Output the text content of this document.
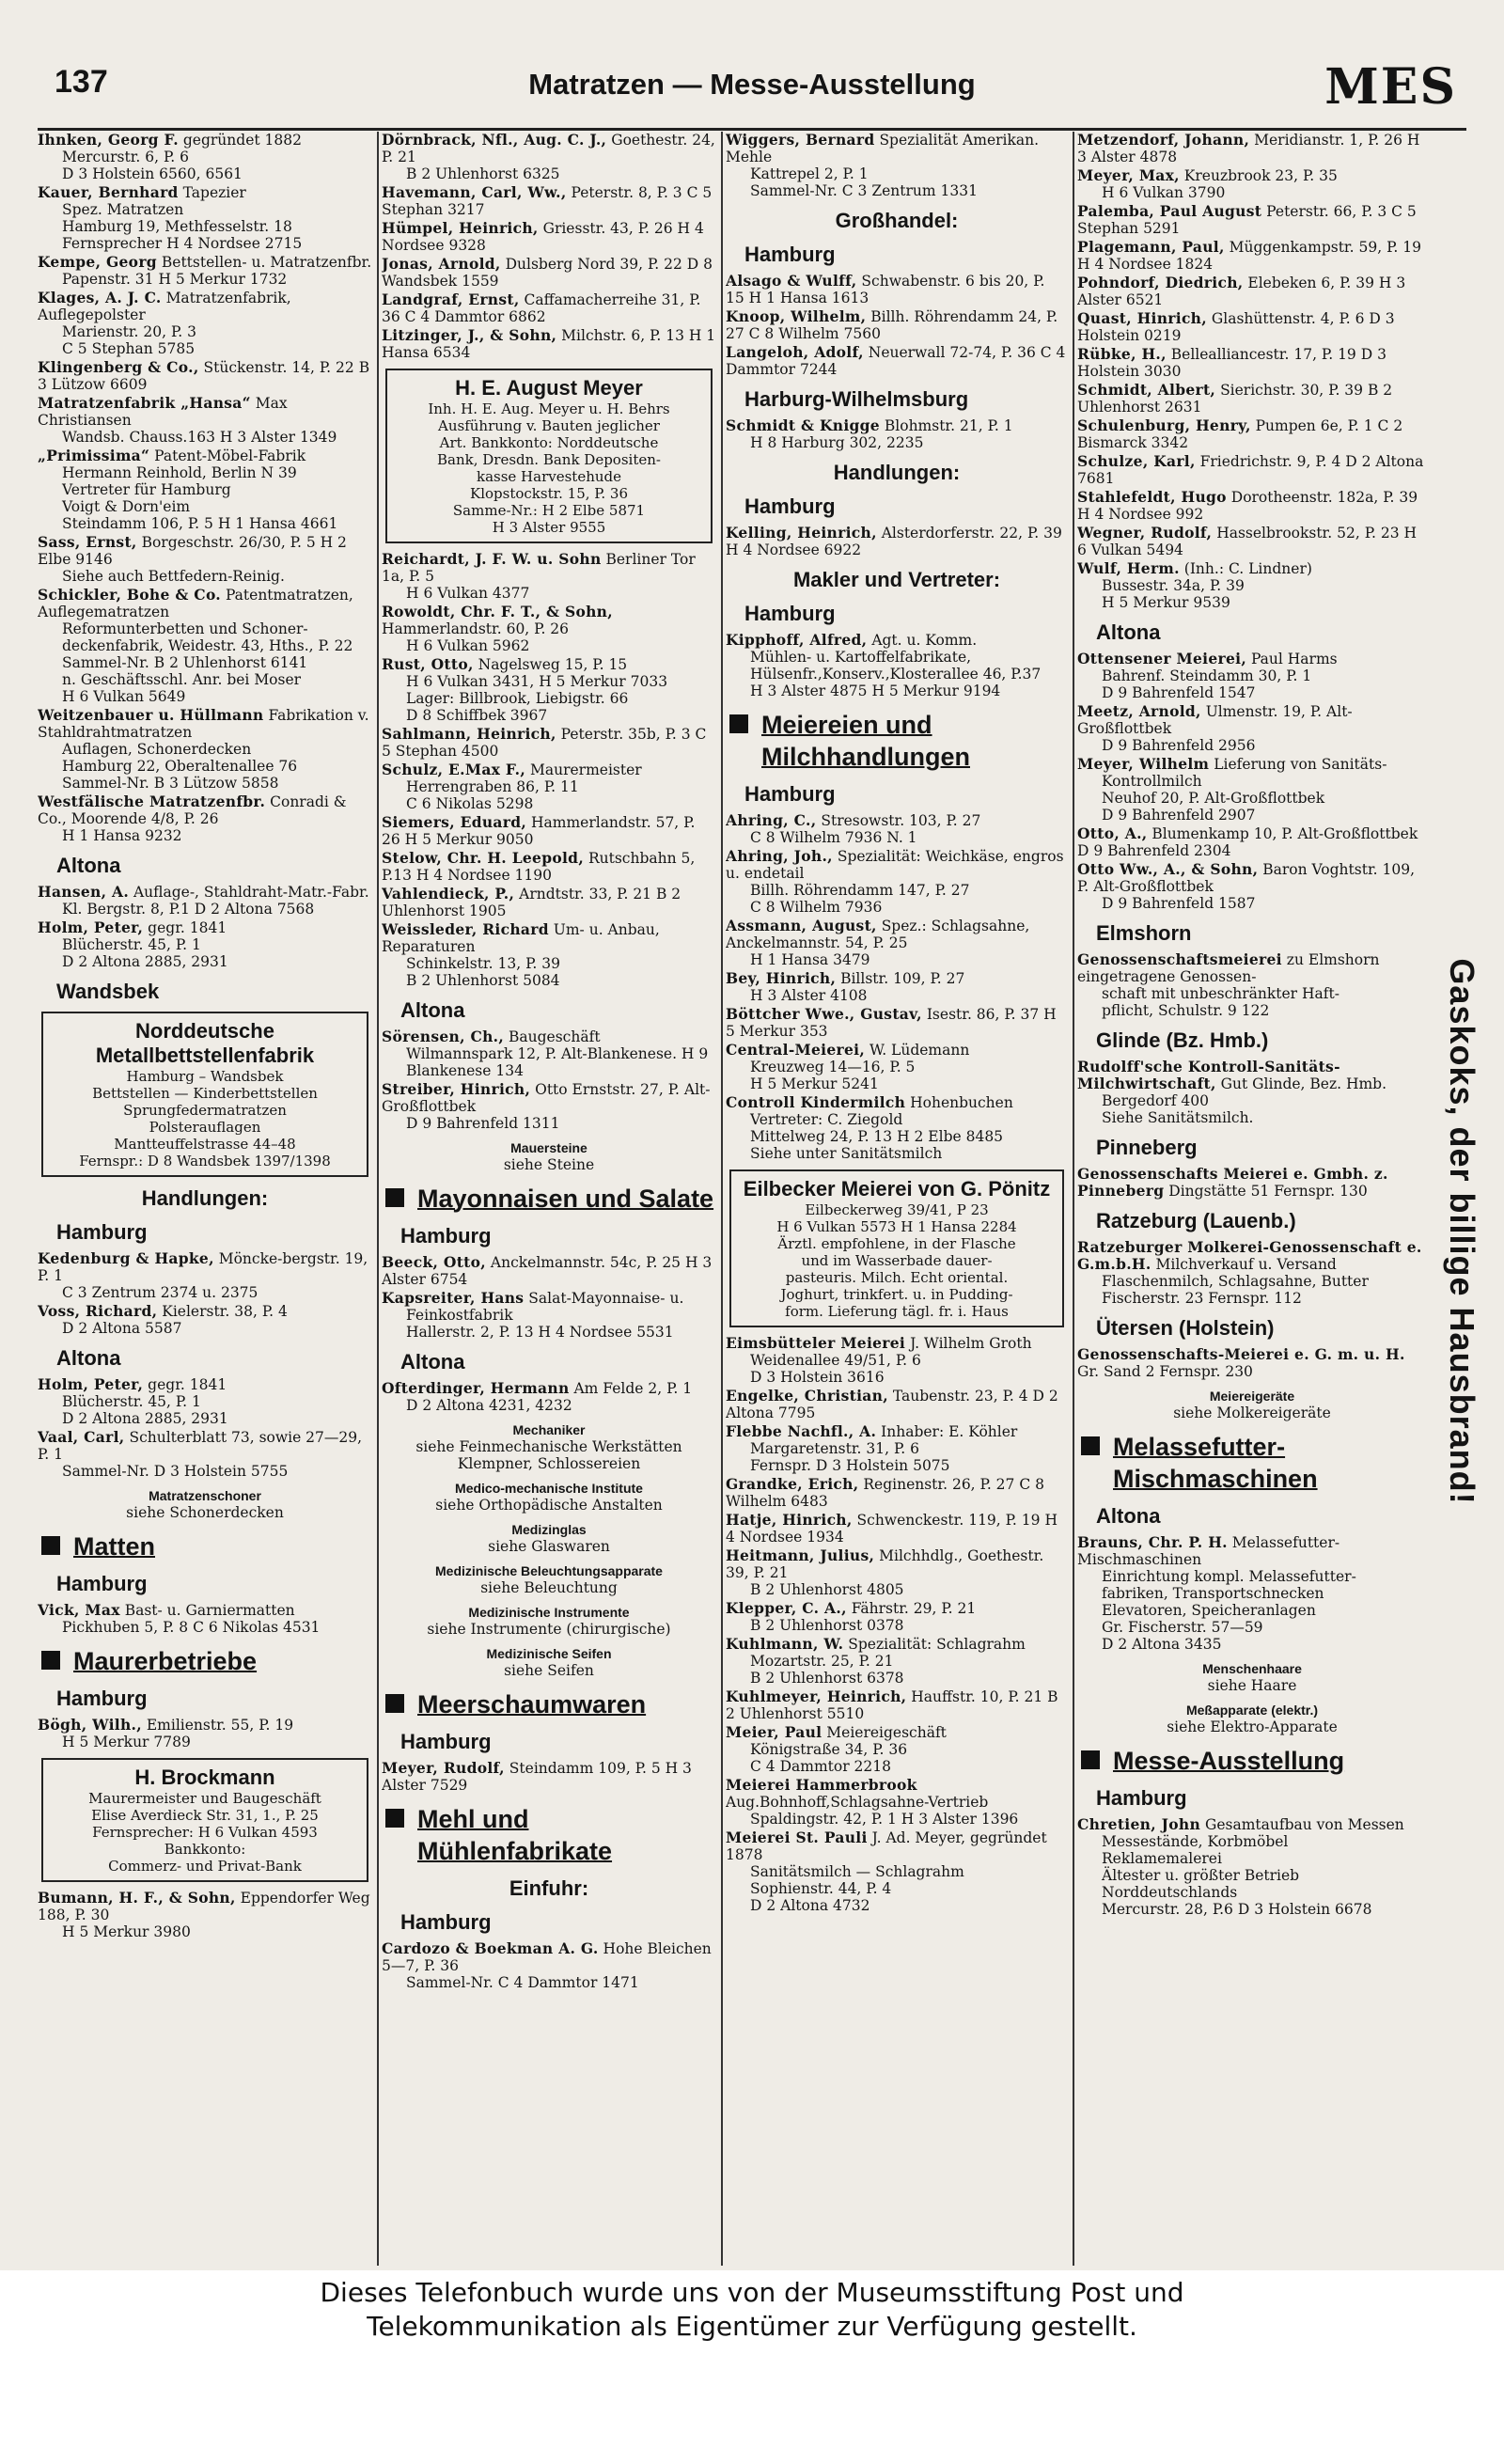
137	Matratzen — Messe-Ausstellung	MES
Ihnken, Georg F. gegründet 1882
Mercurstr. 6, P. 6
D 3 Holstein 6560, 6561
Kauer, Bernhard Tapezier
Spez. Matratzen
Hamburg 19, Methfesselstr. 18
Fernsprecher H 4 Nordsee 2715
Kempe, Georg Bettstellen- u. Matratzenfbr.
Papenstr. 31 H 5 Merkur 1732
Klages, A. J. C. Matratzenfabrik, Auflegepolster
Marienstr. 20, P. 3
C 5 Stephan 5785
Klingenberg & Co., Stückenstr. 14, P. 22 B 3 Lützow 6609
Matratzenfabrik „Hansa“ Max Christiansen
Wandsb. Chauss.163 H 3 Alster 1349
„Primissima“ Patent-Möbel-Fabrik
Hermann Reinhold, Berlin N 39
Vertreter für Hamburg
Voigt & Dorn'eim
Steindamm 106, P. 5 H 1 Hansa 4661
Sass, Ernst, Borgeschstr. 26/30, P. 5 H 2 Elbe 9146
Siehe auch Bettfedern-Reinig.
Schickler, Bohe & Co. Patentmatratzen, Auflegematratzen
Reformunterbetten und Schoner-
deckenfabrik, Weidestr. 43, Hths., P. 22
Sammel-Nr. B 2 Uhlenhorst 6141
n. Geschäftsschl. Anr. bei Moser
H 6 Vulkan 5649
Weitzenbauer u. Hüllmann Fabrikation v. Stahldrahtmatratzen
Auflagen, Schonerdecken
Hamburg 22, Oberaltenallee 76
Sammel-Nr. B 3 Lützow 5858
Westfälische Matratzenfbr. Conradi & Co., Moorende 4/8, P. 26
H 1 Hansa 9232
Altona
Hansen, A. Auflage-, Stahldraht-Matr.-Fabr.
Kl. Bergstr. 8, P.1 D 2 Altona 7568
Holm, Peter, gegr. 1841
Blücherstr. 45, P. 1
D 2 Altona 2885, 2931
Wandsbek
Norddeutsche Metallbettstellenfabrik
Hamburg – Wandsbek
Bettstellen — Kinderbettstellen
Sprungfedermatratzen
Polsterauflagen
Mantteuffelstrasse 44–48
Fernspr.: D 8 Wandsbek 1397/1398
Handlungen:
Hamburg
Kedenburg & Hapke, Möncke-bergstr. 19, P. 1
C 3 Zentrum 2374 u. 2375
Voss, Richard, Kielerstr. 38, P. 4
D 2 Altona 5587
Altona
Holm, Peter, gegr. 1841
Blücherstr. 45, P. 1
D 2 Altona 2885, 2931
Vaal, Carl, Schulterblatt 73, sowie 27—29, P. 1
Sammel-Nr. D 3 Holstein 5755
Matratzenschoner
siehe Schonerdecken
Matten
Hamburg
Vick, Max Bast- u. Garniermatten
Pickhuben 5, P. 8 C 6 Nikolas 4531
Maurerbetriebe
Hamburg
Bögh, Wilh., Emilienstr. 55, P. 19
H 5 Merkur 7789
H. Brockmann
Maurermeister und Baugeschäft
Elise Averdieck Str. 31, 1., P. 25
Fernsprecher: H 6 Vulkan 4593
Bankkonto:
Commerz- und Privat-Bank
Bumann, H. F., & Sohn, Eppendorfer Weg 188, P. 30
H 5 Merkur 3980
Dörnbrack, Nfl., Aug. C. J., Goethestr. 24, P. 21
B 2 Uhlenhorst 6325
Havemann, Carl, Ww., Peterstr. 8, P. 3 C 5 Stephan 3217
Hümpel, Heinrich, Griesstr. 43, P. 26 H 4 Nordsee 9328
Jonas, Arnold, Dulsberg Nord 39, P. 22 D 8 Wandsbek 1559
Landgraf, Ernst, Caffamacherreihe 31, P. 36 C 4 Dammtor 6862
Litzinger, J., & Sohn, Milchstr. 6, P. 13 H 1 Hansa 6534
H. E. August Meyer
Inh. H. E. Aug. Meyer u. H. Behrs
Ausführung v. Bauten jeglicher
Art. Bankkonto: Norddeutsche
Bank, Dresdn. Bank Depositen-
kasse Harvestehude
Klopstockstr. 15, P. 36
Samme-Nr.: H 2 Elbe 5871
H 3 Alster 9555
Reichardt, J. F. W. u. Sohn Berliner Tor 1a, P. 5
H 6 Vulkan 4377
Rowoldt, Chr. F. T., & Sohn, Hammerlandstr. 60, P. 26
H 6 Vulkan 5962
Rust, Otto, Nagelsweg 15, P. 15
H 6 Vulkan 3431, H 5 Merkur 7033
Lager: Billbrook, Liebigstr. 66
D 8 Schiffbek 3967
Sahlmann, Heinrich, Peterstr. 35b, P. 3 C 5 Stephan 4500
Schulz, E.Max F., Maurermeister
Herrengraben 86, P. 11
C 6 Nikolas 5298
Siemers, Eduard, Hammerlandstr. 57, P. 26 H 5 Merkur 9050
Stelow, Chr. H. Leepold, Rutschbahn 5, P.13 H 4 Nordsee 1190
Vahlendieck, P., Arndtstr. 33, P. 21 B 2 Uhlenhorst 1905
Weissleder, Richard Um- u. Anbau, Reparaturen
Schinkelstr. 13, P. 39
B 2 Uhlenhorst 5084
Altona
Sörensen, Ch., Baugeschäft
Wilmannspark 12, P. Alt-Blankenese. H 9 Blankenese 134
Streiber, Hinrich, Otto Ernststr. 27, P. Alt-Großflottbek
D 9 Bahrenfeld 1311
Mauersteine
siehe Steine
Mayonnaisen und Salate
Hamburg
Beeck, Otto, Anckelmannstr. 54c, P. 25 H 3 Alster 6754
Kapsreiter, Hans Salat-Mayonnaise- u.
Feinkostfabrik
Hallerstr. 2, P. 13 H 4 Nordsee 5531
Altona
Ofterdinger, Hermann Am Felde 2, P. 1
D 2 Altona 4231, 4232
Mechaniker
siehe Feinmechanische Werkstätten Klempner, Schlossereien
Medico-mechanische Institute
siehe Orthopädische Anstalten
Medizinglas
siehe Glaswaren
Medizinische Beleuchtungsapparate
siehe Beleuchtung
Medizinische Instrumente
siehe Instrumente (chirurgische)
Medizinische Seifen
siehe Seifen
Meerschaumwaren
Hamburg
Meyer, Rudolf, Steindamm 109, P. 5 H 3 Alster 7529
Mehl und Mühlenfabrikate
Einfuhr:
Hamburg
Cardozo & Boekman A. G. Hohe Bleichen 5—7, P. 36
Sammel-Nr. C 4 Dammtor 1471
Wiggers, Bernard Spezialität Amerikan. Mehle
Kattrepel 2, P. 1
Sammel-Nr. C 3 Zentrum 1331
Großhandel:
Hamburg
Alsago & Wulff, Schwabenstr. 6 bis 20, P. 15 H 1 Hansa 1613
Knoop, Wilhelm, Billh. Röhrendamm 24, P. 27 C 8 Wilhelm 7560
Langeloh, Adolf, Neuerwall 72-74, P. 36 C 4 Dammtor 7244
Harburg-Wilhelmsburg
Schmidt & Knigge Blohmstr. 21, P. 1
H 8 Harburg 302, 2235
Handlungen:
Hamburg
Kelling, Heinrich, Alsterdorferstr. 22, P. 39 H 4 Nordsee 6922
Makler und Vertreter:
Hamburg
Kipphoff, Alfred, Agt. u. Komm.
Mühlen- u. Kartoffelfabrikate, Hülsenfr.,Konserv.,Klosterallee 46, P.37
H 3 Alster 4875 H 5 Merkur 9194
Meiereien und Milchhandlungen
Hamburg
Ahring, C., Stresowstr. 103, P. 27
C 8 Wilhelm 7936 N. 1
Ahring, Joh., Spezialität: Weichkäse, engros u. endetail
Billh. Röhrendamm 147, P. 27
C 8 Wilhelm 7936
Assmann, August, Spez.: Schlagsahne, Anckelmannstr. 54, P. 25
H 1 Hansa 3479
Bey, Hinrich, Billstr. 109, P. 27
H 3 Alster 4108
Böttcher Wwe., Gustav, Isestr. 86, P. 37 H 5 Merkur 353
Central-Meierei, W. Lüdemann
Kreuzweg 14—16, P. 5
H 5 Merkur 5241
Controll Kindermilch Hohenbuchen
Vertreter: C. Ziegold
Mittelweg 24, P. 13 H 2 Elbe 8485
Siehe unter Sanitätsmilch
Eilbecker Meierei von G. Pönitz
Eilbeckerweg 39/41, P 23
H 6 Vulkan 5573 H 1 Hansa 2284
Ärztl. empfohlene, in der Flasche
und im Wasserbade dauer-
pasteuris. Milch. Echt oriental.
Joghurt, trinkfert. u. in Pudding-
form. Lieferung tägl. fr. i. Haus
Eimsbütteler Meierei J. Wilhelm Groth
Weidenallee 49/51, P. 6
D 3 Holstein 3616
Engelke, Christian, Taubenstr. 23, P. 4 D 2 Altona 7795
Flebbe Nachfl., A. Inhaber: E. Köhler
Margaretenstr. 31, P. 6
Fernspr. D 3 Holstein 5075
Grandke, Erich, Reginenstr. 26, P. 27 C 8 Wilhelm 6483
Hatje, Hinrich, Schwenckestr. 119, P. 19 H 4 Nordsee 1934
Heitmann, Julius, Milchhdlg., Goethestr. 39, P. 21
B 2 Uhlenhorst 4805
Klepper, C. A., Fährstr. 29, P. 21
B 2 Uhlenhorst 0378
Kuhlmann, W. Spezialität: Schlagrahm
Mozartstr. 25, P. 21
B 2 Uhlenhorst 6378
Kuhlmeyer, Heinrich, Hauffstr. 10, P. 21 B 2 Uhlenhorst 5510
Meier, Paul Meiereigeschäft
Königstraße 34, P. 36
C 4 Dammtor 2218
Meierei Hammerbrook Aug.Bohnhoff,Schlagsahne-Vertrieb
Spaldingstr. 42, P. 1 H 3 Alster 1396
Meierei St. Pauli J. Ad. Meyer, gegründet 1878
Sanitätsmilch — Schlagrahm
Sophienstr. 44, P. 4
D 2 Altona 4732
Metzendorf, Johann, Meridianstr. 1, P. 26 H 3 Alster 4878
Meyer, Max, Kreuzbrook 23, P. 35
H 6 Vulkan 3790
Palemba, Paul August Peterstr. 66, P. 3 C 5 Stephan 5291
Plagemann, Paul, Müggenkampstr. 59, P. 19 H 4 Nordsee 1824
Pohndorf, Diedrich, Elebeken 6, P. 39 H 3 Alster 6521
Quast, Hinrich, Glashüttenstr. 4, P. 6 D 3 Holstein 0219
Rübke, H., Bellealliancestr. 17, P. 19 D 3 Holstein 3030
Schmidt, Albert, Sierichstr. 30, P. 39 B 2 Uhlenhorst 2631
Schulenburg, Henry, Pumpen 6e, P. 1 C 2 Bismarck 3342
Schulze, Karl, Friedrichstr. 9, P. 4 D 2 Altona 7681
Stahlefeldt, Hugo Dorotheenstr. 182a, P. 39 H 4 Nordsee 992
Wegner, Rudolf, Hasselbrookstr. 52, P. 23 H 6 Vulkan 5494
Wulf, Herm. (Inh.: C. Lindner)
Bussestr. 34a, P. 39
H 5 Merkur 9539
Altona
Ottensener Meierei, Paul Harms
Bahrenf. Steindamm 30, P. 1
D 9 Bahrenfeld 1547
Meetz, Arnold, Ulmenstr. 19, P. Alt-Großflottbek
D 9 Bahrenfeld 2956
Meyer, Wilhelm Lieferung von Sanitäts-
Kontrollmilch
Neuhof 20, P. Alt-Großflottbek
D 9 Bahrenfeld 2907
Otto, A., Blumenkamp 10, P. Alt-Großflottbek D 9 Bahrenfeld 2304
Otto Ww., A., & Sohn, Baron Voghtstr. 109, P. Alt-Großflottbek
D 9 Bahrenfeld 1587
Elmshorn
Genossenschaftsmeierei zu Elmshorn eingetragene Genossen-
schaft mit unbeschränkter Haft-
pflicht, Schulstr. 9 122
Glinde (Bz. Hmb.)
Rudolff'sche Kontroll-Sanitäts-Milchwirtschaft, Gut Glinde, Bez. Hmb.
Bergedorf 400
Siehe Sanitätsmilch.
Pinneberg
Genossenschafts Meierei e. Gmbh. z. Pinneberg Dingstätte 51 Fernspr. 130
Ratzeburg (Lauenb.)
Ratzeburger Molkerei-Genossenschaft e. G.m.b.H. Milchverkauf u. Versand
Flaschenmilch, Schlagsahne, Butter
Fischerstr. 23 Fernspr. 112
Ütersen (Holstein)
Genossenschafts-Meierei e. G. m. u. H. Gr. Sand 2 Fernspr. 230
Meiereigeräte
siehe Molkereigeräte
Melassefutter-Mischmaschinen
Altona
Brauns, Chr. P. H. Melassefutter-Mischmaschinen
Einrichtung kompl. Melassefutter-
fabriken, Transportschnecken
Elevatoren, Speicheranlagen
Gr. Fischerstr. 57—59
D 2 Altona 3435
Menschenhaare
siehe Haare
Meßapparate (elektr.)
siehe Elektro-Apparate
Messe-Ausstellung
Hamburg
Chretien, John Gesamtaufbau von Messen
Messestände, Korbmöbel
Reklamemalerei
Ältester u. größter Betrieb
Norddeutschlands
Mercurstr. 28, P.6 D 3 Holstein 6678
Gaskoks, der billige Hausbrand!
Dieses Telefonbuch wurde uns von der Museumsstiftung Post und
Telekommunikation als Eigentümer zur Verfügung gestellt.
